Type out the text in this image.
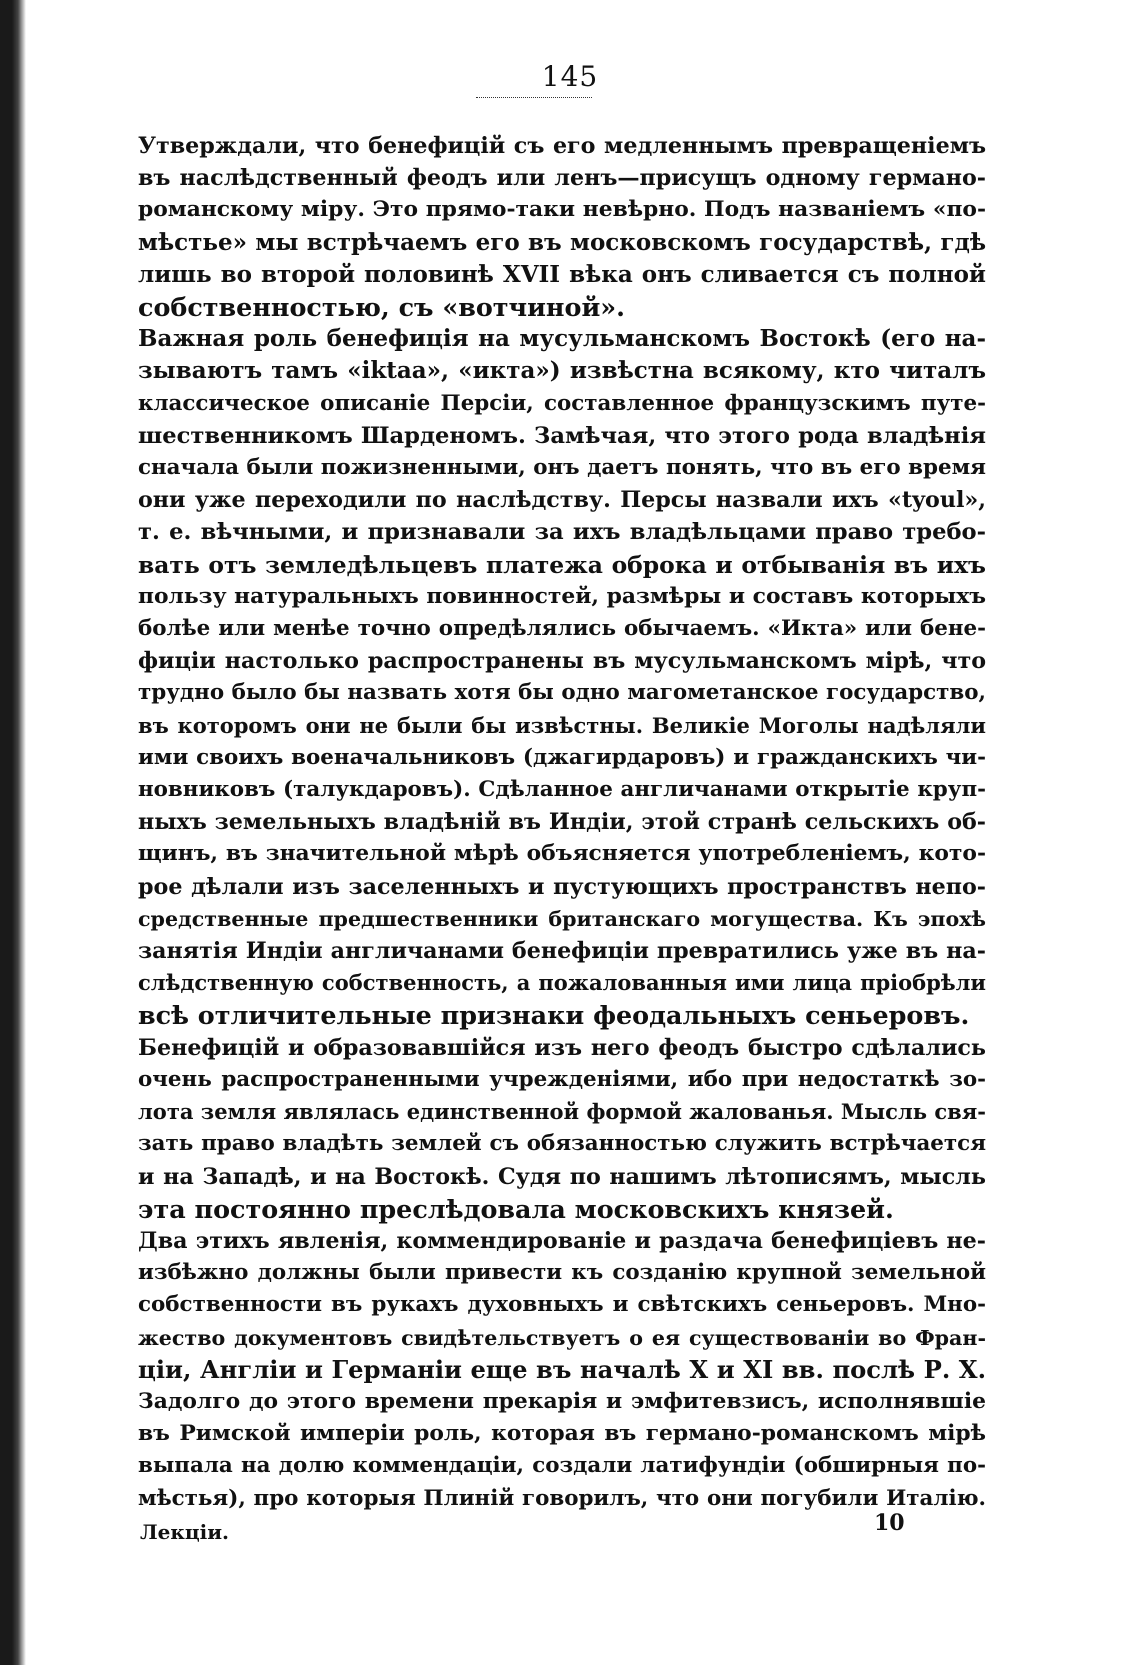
145
Утверждали, что бенефицій съ его медленнымъ превращеніемъ
въ наслѣдственный феодъ или ленъ—присущъ одному германо-
романскому міру. Это прямо-таки невѣрно. Подъ названіемъ «по-
мѣстье» мы встрѣчаемъ его въ московскомъ государствѣ, гдѣ
лишь во второй половинѣ XVII вѣка онъ сливается съ полной
собственностью, съ «вотчиной».
Важная роль бенефиція на мусульманскомъ Востокѣ (его на-
зываютъ тамъ «iktaa», «икта») извѣстна всякому, кто читалъ
классическое описаніе Персіи, составленное французскимъ путе-
шественникомъ Шарденомъ. Замѣчая, что этого рода владѣнія
сначала были пожизненными, онъ даетъ понять, что въ его время
они уже переходили по наслѣдству. Персы назвали ихъ «tyoul»,
т. е. вѣчными, и признавали за ихъ владѣльцами право требо-
вать отъ земледѣльцевъ платежа оброка и отбыванія въ ихъ
пользу натуральныхъ повинностей, размѣры и составъ которыхъ
болѣе или менѣе точно опредѣлялись обычаемъ. «Икта» или бене-
фиціи настолько распространены въ мусульманскомъ мірѣ, что
трудно было бы назвать хотя бы одно магометанское государство,
въ которомъ они не были бы извѣстны. Великіе Моголы надѣляли
ими своихъ военачальниковъ (джагирдаровъ) и гражданскихъ чи-
новниковъ (талукдаровъ). Сдѣланное англичанами открытіе круп-
ныхъ земельныхъ владѣній въ Индіи, этой странѣ сельскихъ об-
щинъ, въ значительной мѣрѣ объясняется употребленіемъ, кото-
рое дѣлали изъ заселенныхъ и пустующихъ пространствъ непо-
средственные предшественники британскаго могущества. Къ эпохѣ
занятія Индіи англичанами бенефиціи превратились уже въ на-
слѣдственную собственность, а пожалованныя ими лица пріобрѣли
всѣ отличительные признаки феодальныхъ сеньеровъ.
Бенефицій и образовавшійся изъ него феодъ быстро сдѣлались
очень распространенными учрежденіями, ибо при недостаткѣ зо-
лота земля являлась единственной формой жалованья. Мысль свя-
зать право владѣть землей съ обязанностью служить встрѣчается
и на Западѣ, и на Востокѣ. Судя по нашимъ лѣтописямъ, мысль
эта постоянно преслѣдовала московскихъ князей.
Два этихъ явленія, коммендированіе и раздача бенефиціевъ не-
избѣжно должны были привести къ созданію крупной земельной
собственности въ рукахъ духовныхъ и свѣтскихъ сеньеровъ. Мно-
жество документовъ свидѣтельствуетъ о ея существованіи во Фран-
ціи, Англіи и Германіи еще въ началѣ X и XI вв. послѣ Р. Х.
Задолго до этого времени прекарія и эмфитевзисъ, исполнявшіе
въ Римской имперіи роль, которая въ германо-романскомъ мірѣ
выпала на долю коммендаціи, создали латифундіи (обширныя по-
мѣстья), про которыя Плиній говорилъ, что они погубили Италію.
Лекціи.	10
